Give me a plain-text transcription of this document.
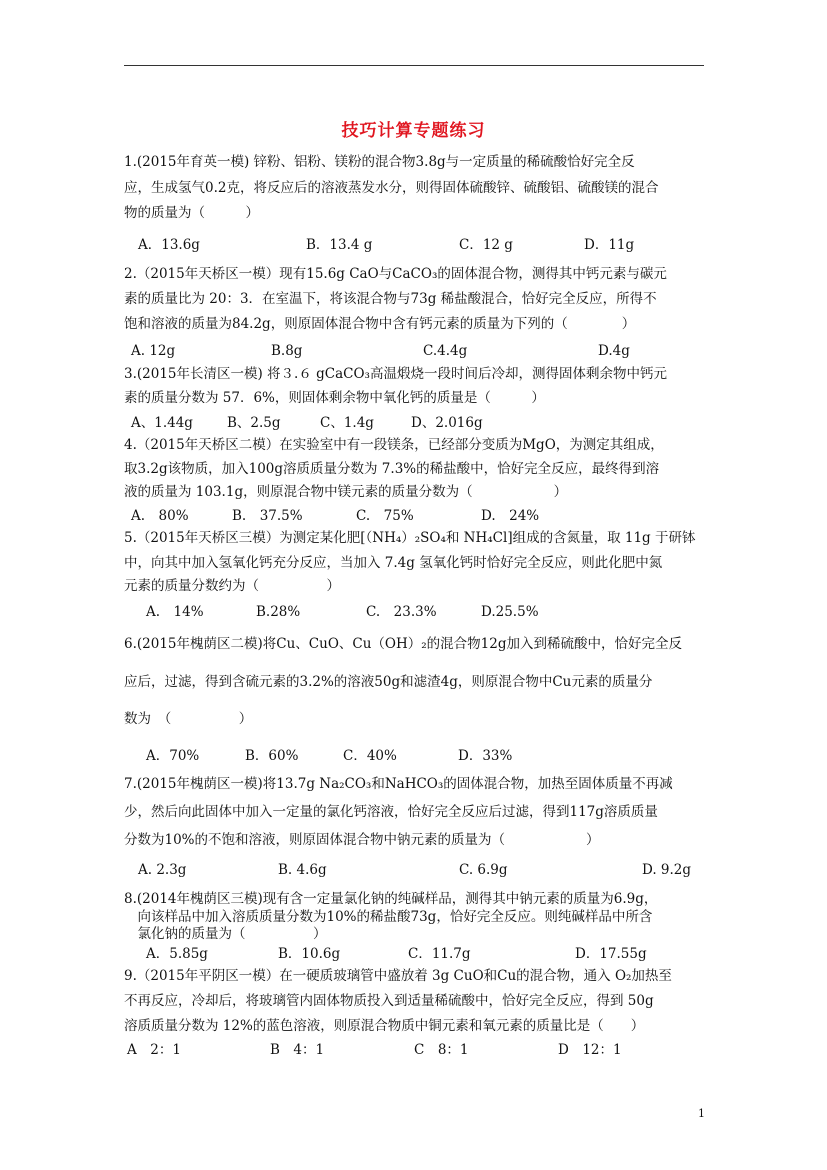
技巧计算专题练习
1.(2015年育英一模) 锌粉、铝粉、镁粉的混合物3.8g与一定质量的稀硫酸恰好完全反
应，生成氢气0.2克，将反应后的溶液蒸发水分，则得固体硫酸锌、硫酸铝、硫酸镁的混合
物的质量为（　　　）
A．13.6g	B．13.4 g	C．12 g	D．11g
2.（2015年天桥区一模）现有15.6g CaO与CaCO₃的固体混合物，测得其中钙元素与碳元
素的质量比为 20：3．在室温下，将该混合物与73g 稀盐酸混合，恰好完全反应，所得不
饱和溶液的质量为84.2g，则原固体混合物中含有钙元素的质量为下列的（　　　　）
A. 12g	B.8g	C.4.4g	D.4g
3.(2015年长清区一模) 将３.６ gCaCO₃高温煅烧一段时间后冷却，测得固体剩余物中钙元
素的质量分数为 57．6%，则固体剩余物中氧化钙的质量是（　　　）
A、1.44g	B、2.5g	C、1.4g	D、2.016g
4.（2015年天桥区二模）在实验室中有一段镁条，已经部分变质为MgO，为测定其组成，
取3.2g该物质，加入100g溶质质量分数为 7.3%的稀盐酸中，恰好完全反应，最终得到溶
液的质量为 103.1g，则原混合物中镁元素的质量分数为（　　　　　　）
A.　80%	B.　37.5%	C.　75%	D.　24%
5.（2015年天桥区三模）为测定某化肥[（NH₄）₂SO₄和 NH₄Cl]组成的含氮量，取 11g 于研钵
中，向其中加入氢氧化钙充分反应，当加入 7.4g 氢氧化钙时恰好完全反应，则此化肥中氮
元素的质量分数约为（　　　　　）
A.　14%	B.28%	C.　23.3%	D.25.5%
6.(2015年槐荫区二模)将Cu、CuO、Cu（OH）₂的混合物12g加入到稀硫酸中，恰好完全反
应后，过滤，得到含硫元素的3.2%的溶液50g和滤渣4g，则原混合物中Cu元素的质量分
数为　（　　　　　）
A．70%	B．60%	C．40%	D．33%
7.(2015年槐荫区一模)将13.7g Na₂CO₃和NaHCO₃的固体混合物，加热至固体质量不再减
少，然后向此固体中加入一定量的氯化钙溶液，恰好完全反应后过滤，得到117g溶质质量
分数为10%的不饱和溶液，则原固体混合物中钠元素的质量为（　　　　　　）
A. 2.3g	B. 4.6g	C. 6.9g	D. 9.2g
8.(2014年槐荫区三模)现有含一定量氯化钠的纯碱样品，测得其中钠元素的质量为6.9g，
　向该样品中加入溶质质量分数为10%的稀盐酸73g，恰好完全反应。则纯碱样品中所含
　氯化钠的质量为（　　　　　）
A．5.85g	B．10.6g	C．11.7g	D．17.55g
9.（2015年平阴区一模）在一硬质玻璃管中盛放着 3g CuO和Cu的混合物，通入 O₂加热至
不再反应，冷却后，将玻璃管内固体物质投入到适量稀硫酸中，恰好完全反应，得到 50g
溶质质量分数为 12%的蓝色溶液，则原混合物质中铜元素和氧元素的质量比是（　　）
A　2：1	B　4：1	C　8：1	D　12：1
1
